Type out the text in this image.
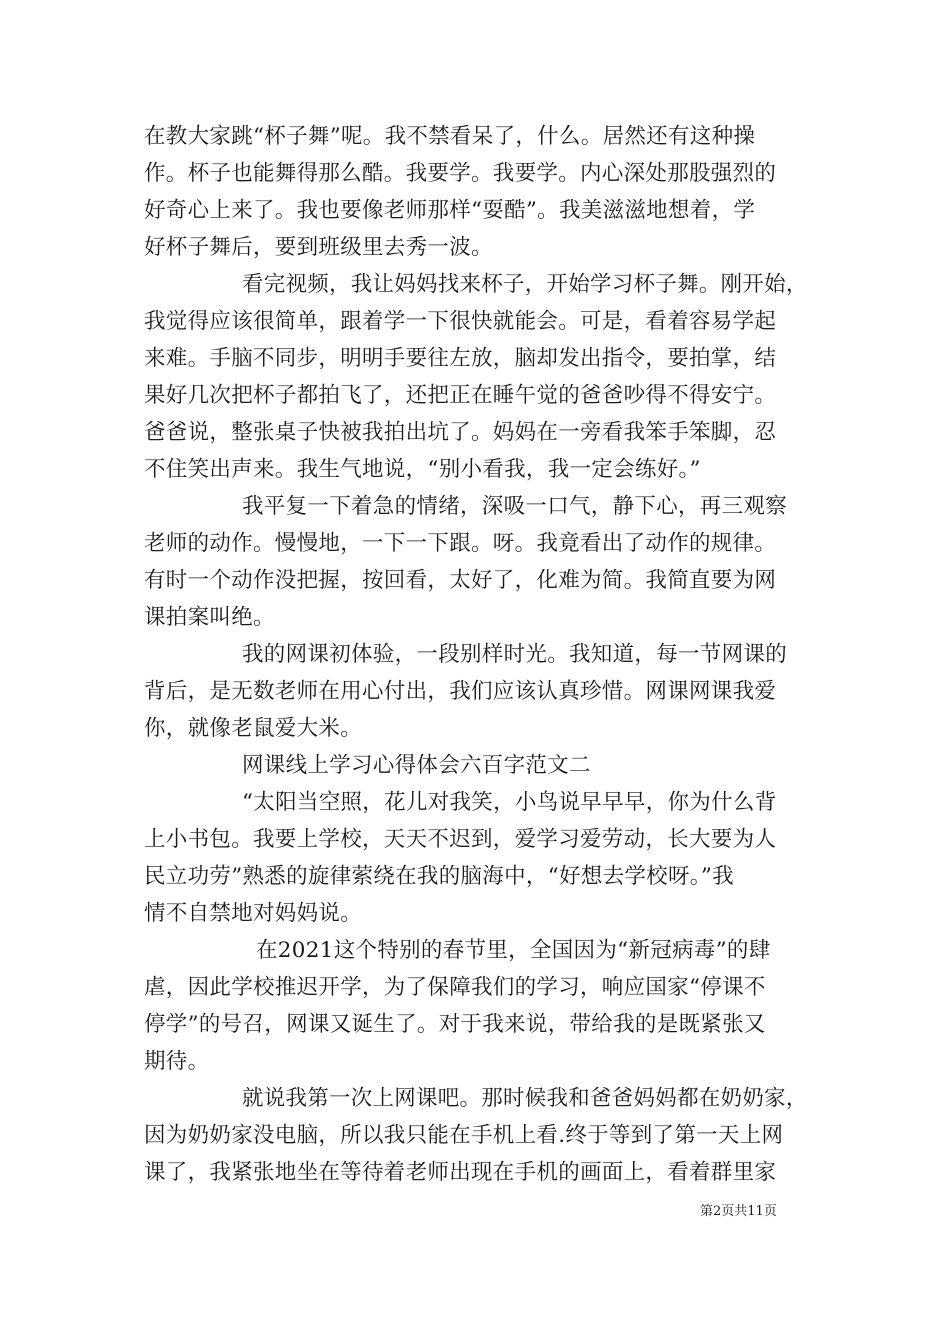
在教大家跳“杯子舞”呢。我不禁看呆了，什么。居然还有这种操
作。杯子也能舞得那么酷。我要学。我要学。内心深处那股强烈的
好奇心上来了。我也要像老师那样“耍酷”。我美滋滋地想着，学
好杯子舞后，要到班级里去秀一波。
看完视频，我让妈妈找来杯子，开始学习杯子舞。刚开始，
我觉得应该很简单，跟着学一下很快就能会。可是，看着容易学起
来难。手脑不同步，明明手要往左放，脑却发出指令，要拍掌，结
果好几次把杯子都拍飞了，还把正在睡午觉的爸爸吵得不得安宁。
爸爸说，整张桌子快被我拍出坑了。妈妈在一旁看我笨手笨脚，忍
不住笑出声来。我生气地说，“别小看我，我一定会练好。”
我平复一下着急的情绪，深吸一口气，静下心，再三观察
老师的动作。慢慢地，一下一下跟。呀。我竟看出了动作的规律。
有时一个动作没把握，按回看，太好了，化难为简。我简直要为网
课拍案叫绝。
我的网课初体验，一段别样时光。我知道，每一节网课的
背后，是无数老师在用心付出，我们应该认真珍惜。网课网课我爱
你，就像老鼠爱大米。
网课线上学习心得体会六百字范文二
“太阳当空照，花儿对我笑，小鸟说早早早，你为什么背
上小书包。我要上学校，天天不迟到，爱学习爱劳动，长大要为人
民立功劳”熟悉的旋律萦绕在我的脑海中，“好想去学校呀。”我
情不自禁地对妈妈说。
在2021这个特别的春节里，全国因为“新冠病毒”的肆
虐，因此学校推迟开学，为了保障我们的学习，响应国家“停课不
停学”的号召，网课又诞生了。对于我来说，带给我的是既紧张又
期待。
就说我第一次上网课吧。那时候我和爸爸妈妈都在奶奶家，
因为奶奶家没电脑，所以我只能在手机上看.终于等到了第一天上网
课了，我紧张地坐在等待着老师出现在手机的画面上，看着群里家
第2页共11页
